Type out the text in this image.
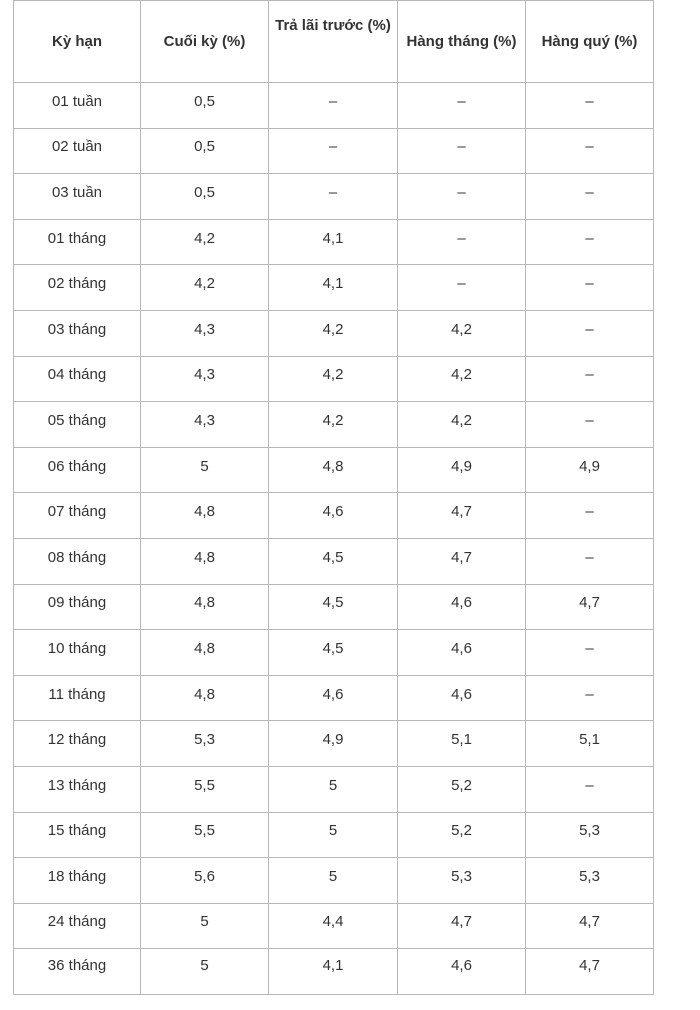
Kỳ hạn	Cuối kỳ (%)	Trả lãi trước (%)	Hàng tháng (%)	Hàng quý (%)
01 tuần	0,5	–	–	–
02 tuần	0,5	–	–	–
03 tuần	0,5	–	–	–
01 tháng	4,2	4,1	–	–
02 tháng	4,2	4,1	–	–
03 tháng	4,3	4,2	4,2	–
04 tháng	4,3	4,2	4,2	–
05 tháng	4,3	4,2	4,2	–
06 tháng	5	4,8	4,9	4,9
07 tháng	4,8	4,6	4,7	–
08 tháng	4,8	4,5	4,7	–
09 tháng	4,8	4,5	4,6	4,7
10 tháng	4,8	4,5	4,6	–
11 tháng	4,8	4,6	4,6	–
12 tháng	5,3	4,9	5,1	5,1
13 tháng	5,5	5	5,2	–
15 tháng	5,5	5	5,2	5,3
18 tháng	5,6	5	5,3	5,3
24 tháng	5	4,4	4,7	4,7
36 tháng	5	4,1	4,6	4,7
